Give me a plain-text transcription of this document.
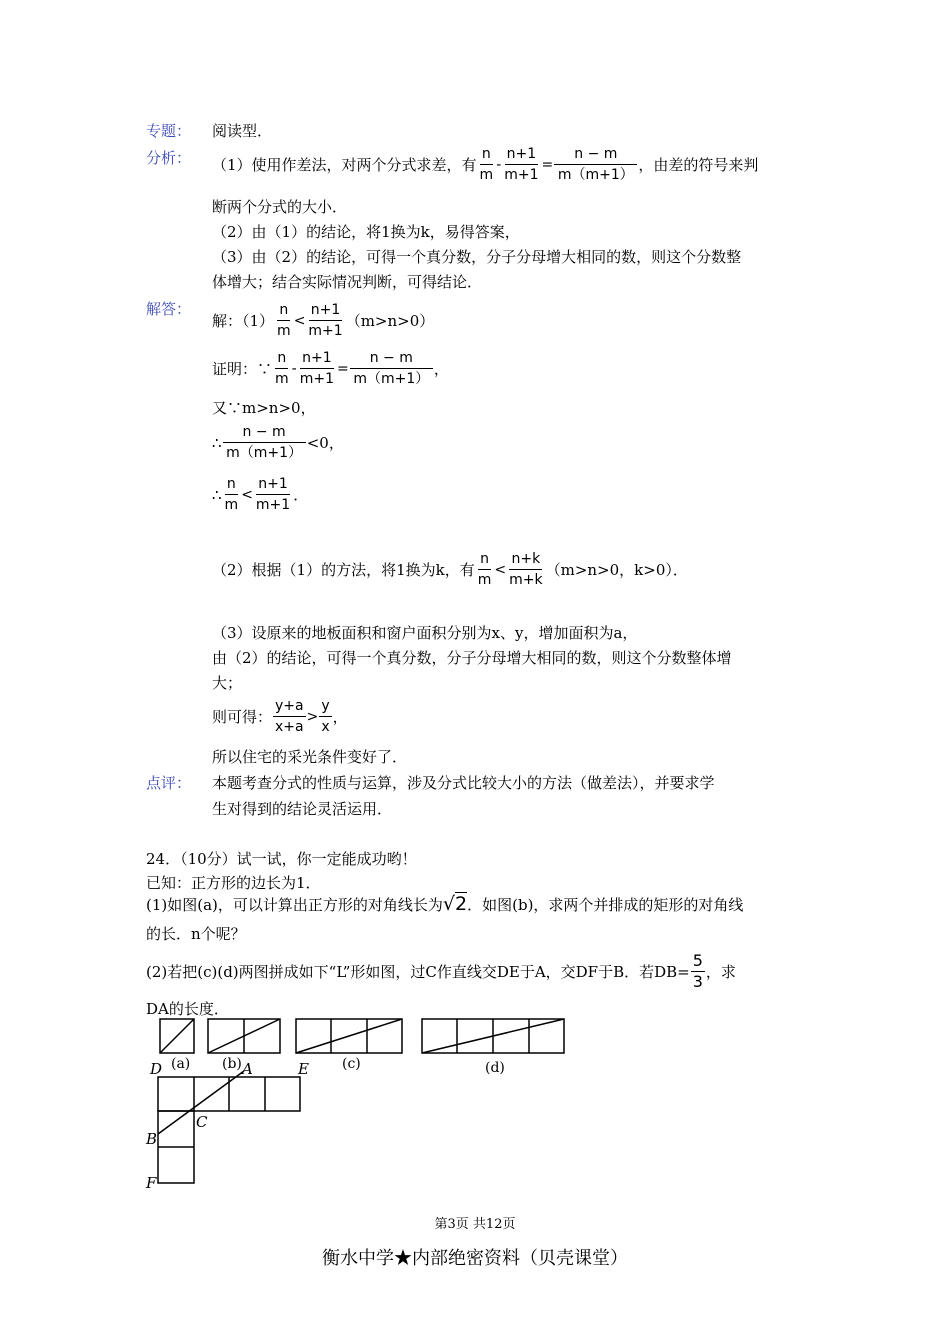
专题： 阅读型．
分析： （1）使用作差法，对两个分式求差，有 $\frac{n}{m} - \frac{n+1}{m+1} = \frac{n - m}{m(m+1)}$ ，由差的符号来判
断两个分式的大小．
（2）由（1）的结论，将1换为k，易得答案，
（3）由（2）的结论，可得一个真分数，分子分母增大相同的数，则这个分数整
体增大；结合实际情况判断，可得结论．
解答：
解：$(1) \frac{n}{m} < \frac{n+1}{m+1} (m>n>0)$
证明：∵ $\frac{n}{m} - \frac{n+1}{m+1} = \frac{n - m}{m(m+1)}$ ，
又∵m>n>0，
∴ $\frac{n - m}{m(m+1)} <0$，
∴ $\frac{n}{m} < \frac{n+1}{m+1}$ ．
（2）根据（1）的方法，将1换为k，有 $\frac{n}{m} < \frac{n+k}{m+k} (m>n>0$，k>0）．
（3）设原来的地板面积和窗户面积分别为x、y，增加面积为a，
由（2）的结论，可得一个真分数，分子分母增大相同的数，则这个分数整体增
大；
则可得： $\frac{y+a}{x+a} > \frac{y}{x}$ ，
所以住宅的采光条件变好了．
点评： 本题考查分式的性质与运算，涉及分式比较大小的方法（做差法），并要求学
生对得到的结论灵活运用．
24．（10分）试一试，你一定能成功哟！
已知：正方形的边长为1．
(1)如图(a)，可以计算出正方形的对角线长为 √2 ．如图(b)，求两个并排成的矩形的对角线
的长．n个呢？
(2)若把(c)(d)两图拼成如下“L”形如图，过C作直线交DE于A，交DF于B．若$DB= \frac{5}{3}$ ，求
DA的长度．
(a) (b)	(c)	(d)
D	A	E
C
B
F
第3页 共12页
衡水中学★内部绝密资料（贝壳课堂）
